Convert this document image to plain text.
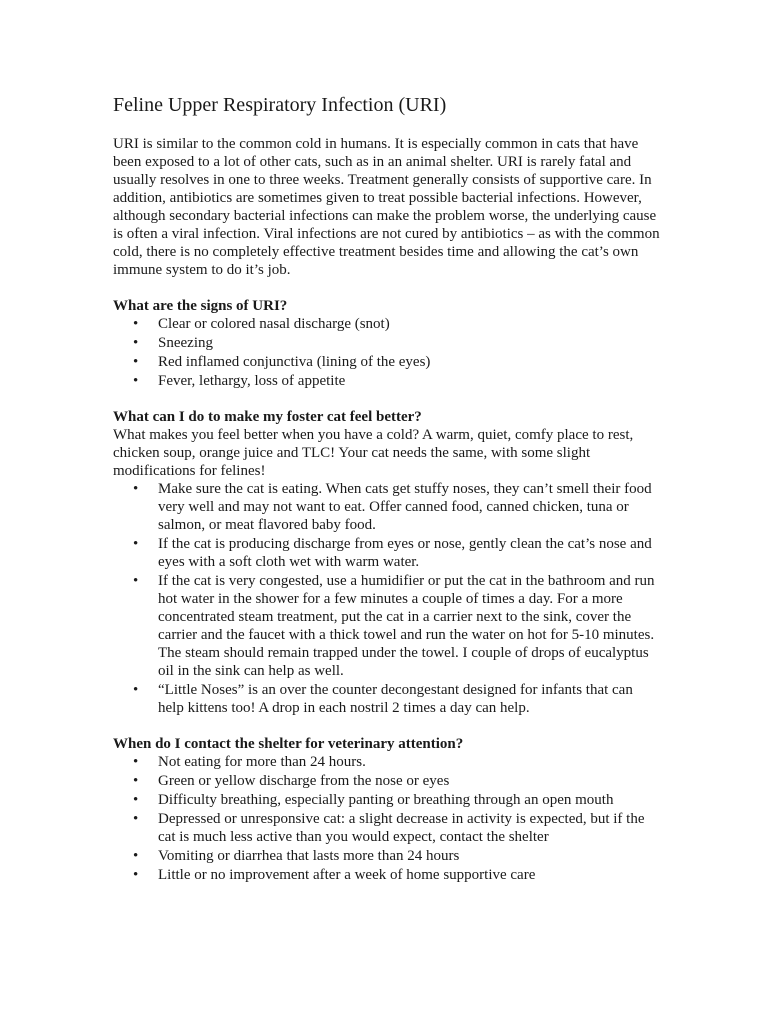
Feline Upper Respiratory Infection (URI)

URI is similar to the common cold in humans. It is especially common in cats that have been exposed to a lot of other cats, such as in an animal shelter. URI is rarely fatal and usually resolves in one to three weeks. Treatment generally consists of supportive care. In addition, antibiotics are sometimes given to treat possible bacterial infections. However, although secondary bacterial infections can make the problem worse, the underlying cause is often a viral infection. Viral infections are not cured by antibiotics – as with the common cold, there is no completely effective treatment besides time and allowing the cat’s own immune system to do it’s job.

What are the signs of URI?

• Clear or colored nasal discharge (snot)
• Sneezing
• Red inflamed conjunctiva (lining of the eyes)
• Fever, lethargy, loss of appetite

What can I do to make my foster cat feel better?

What makes you feel better when you have a cold? A warm, quiet, comfy place to rest, chicken soup, orange juice and TLC! Your cat needs the same, with some slight modifications for felines!

• Make sure the cat is eating. When cats get stuffy noses, they can’t smell their food very well and may not want to eat. Offer canned food, canned chicken, tuna or salmon, or meat flavored baby food.
• If the cat is producing discharge from eyes or nose, gently clean the cat’s nose and eyes with a soft cloth wet with warm water.
• If the cat is very congested, use a humidifier or put the cat in the bathroom and run hot water in the shower for a few minutes a couple of times a day. For a more concentrated steam treatment, put the cat in a carrier next to the sink, cover the carrier and the faucet with a thick towel and run the water on hot for 5-10 minutes. The steam should remain trapped under the towel. I couple of drops of eucalyptus oil in the sink can help as well.
• “Little Noses” is an over the counter decongestant designed for infants that can help kittens too! A drop in each nostril 2 times a day can help.

When do I contact the shelter for veterinary attention?

• Not eating for more than 24 hours.
• Green or yellow discharge from the nose or eyes
• Difficulty breathing, especially panting or breathing through an open mouth
• Depressed or unresponsive cat: a slight decrease in activity is expected, but if the cat is much less active than you would expect, contact the shelter
• Vomiting or diarrhea that lasts more than 24 hours
• Little or no improvement after a week of home supportive care
